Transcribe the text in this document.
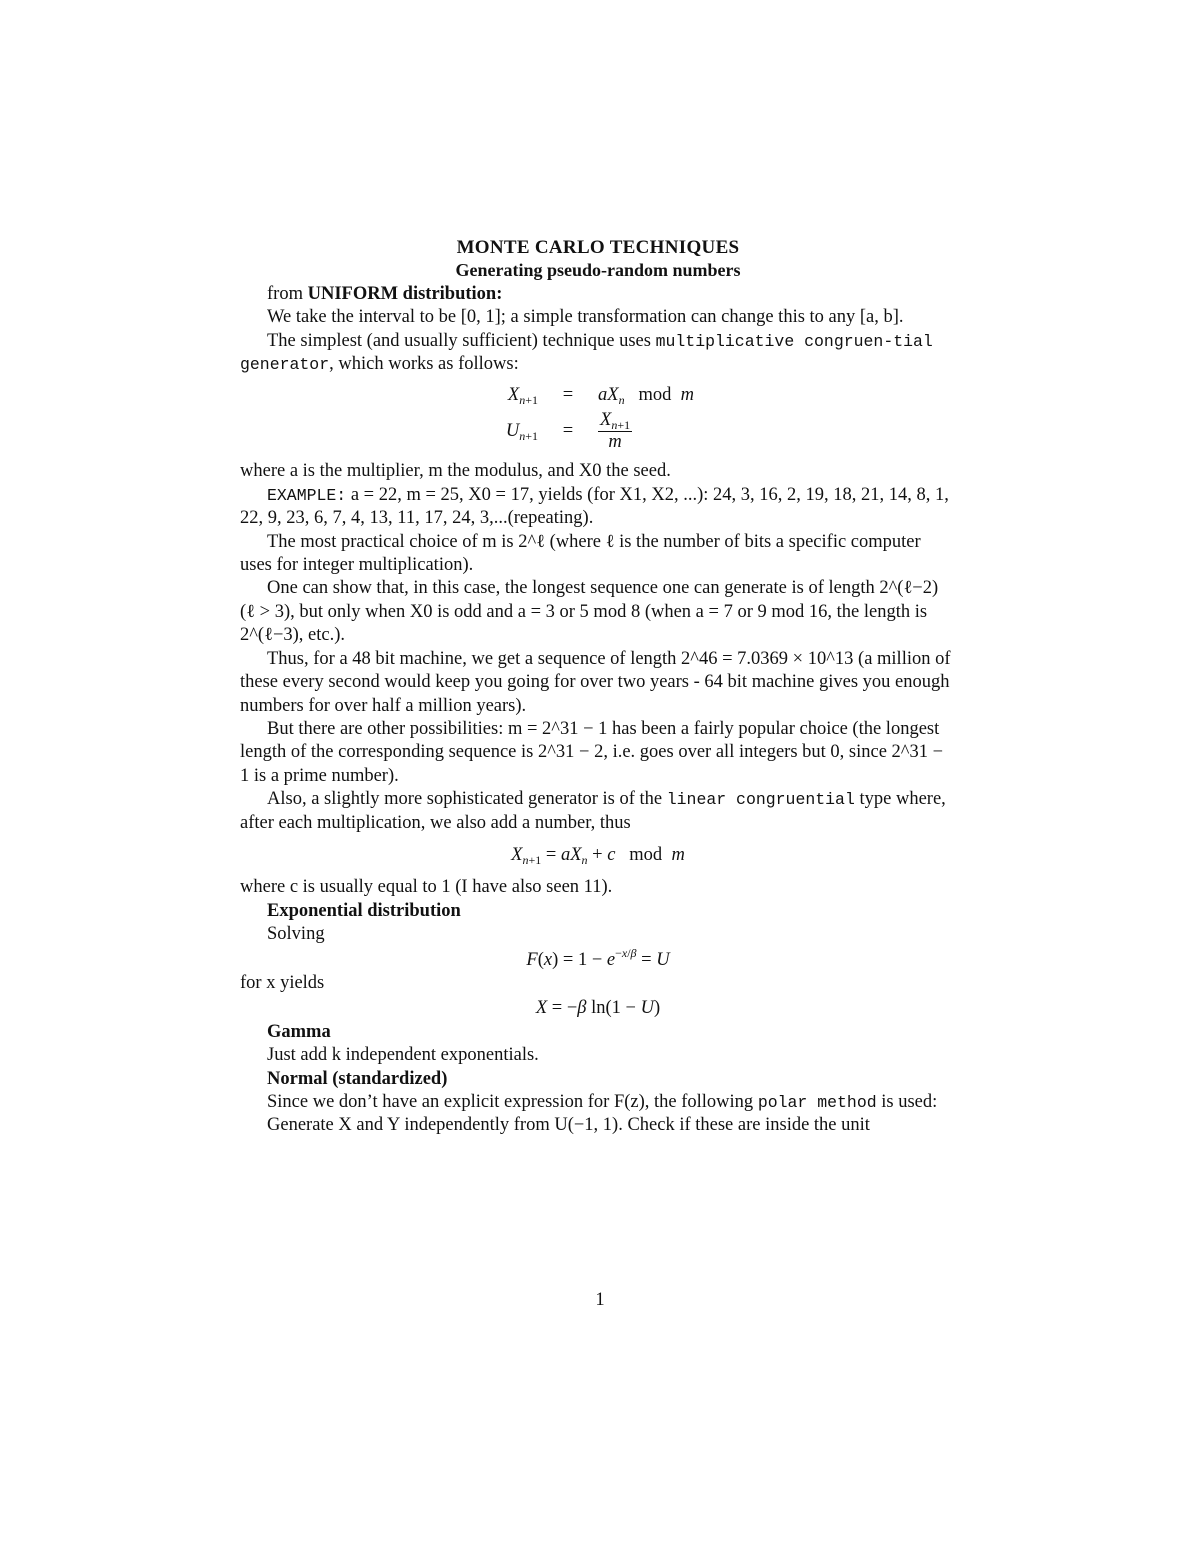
MONTE CARLO TECHNIQUES
Generating pseudo-random numbers

from UNIFORM distribution:

We take the interval to be [0, 1]; a simple transformation can change this to any [a, b].

The simplest (and usually sufficient) technique uses multiplicative congruen-tial generator, which works as follows:

$X_{n+1}$	=	$aX_n$   mod  m
$U_{n+1}$	=	$\frac{X_{n+1}}{m}$

where a is the multiplier, m the modulus, and X0 the seed.

EXAMPLE: a = 22, m = 25, X0 = 17, yields (for X1, X2, ...): 24, 3, 16, 2, 19, 18, 21, 14, 8, 1, 22, 9, 23, 6, 7, 4, 13, 11, 17, 24, 3,...(repeating).

The most practical choice of m is 2^ℓ (where ℓ is the number of bits a specific computer uses for integer multiplication).

One can show that, in this case, the longest sequence one can generate is of length 2^(ℓ−2) (ℓ > 3), but only when X0 is odd and a = 3 or 5 mod 8 (when a = 7 or 9 mod 16, the length is 2^(ℓ−3), etc.).

Thus, for a 48 bit machine, we get a sequence of length 2^46 = 7.0369 × 10^13 (a million of these every second would keep you going for over two years - 64 bit machine gives you enough numbers for over half a million years).

But there are other possibilities: m = 2^31 − 1 has been a fairly popular choice (the longest length of the corresponding sequence is 2^31 − 2, i.e. goes over all integers but 0, since 2^31 − 1 is a prime number).

Also, a slightly more sophisticated generator is of the linear congruential type where, after each multiplication, we also add a number, thus

$X_{n+1} = aX_n + c$   mod  m

where c is usually equal to 1 (I have also seen 11).

Exponential distribution

Solving

$F(x) = 1 - e^{-x/\beta} = U$

for x yields

X = −β ln(1 − U)

Gamma

Just add k independent exponentials.

Normal (standardized)

Since we don’t have an explicit expression for F(z), the following polar method is used:

Generate X and Y independently from U(−1, 1). Check if these are inside the unit

1
